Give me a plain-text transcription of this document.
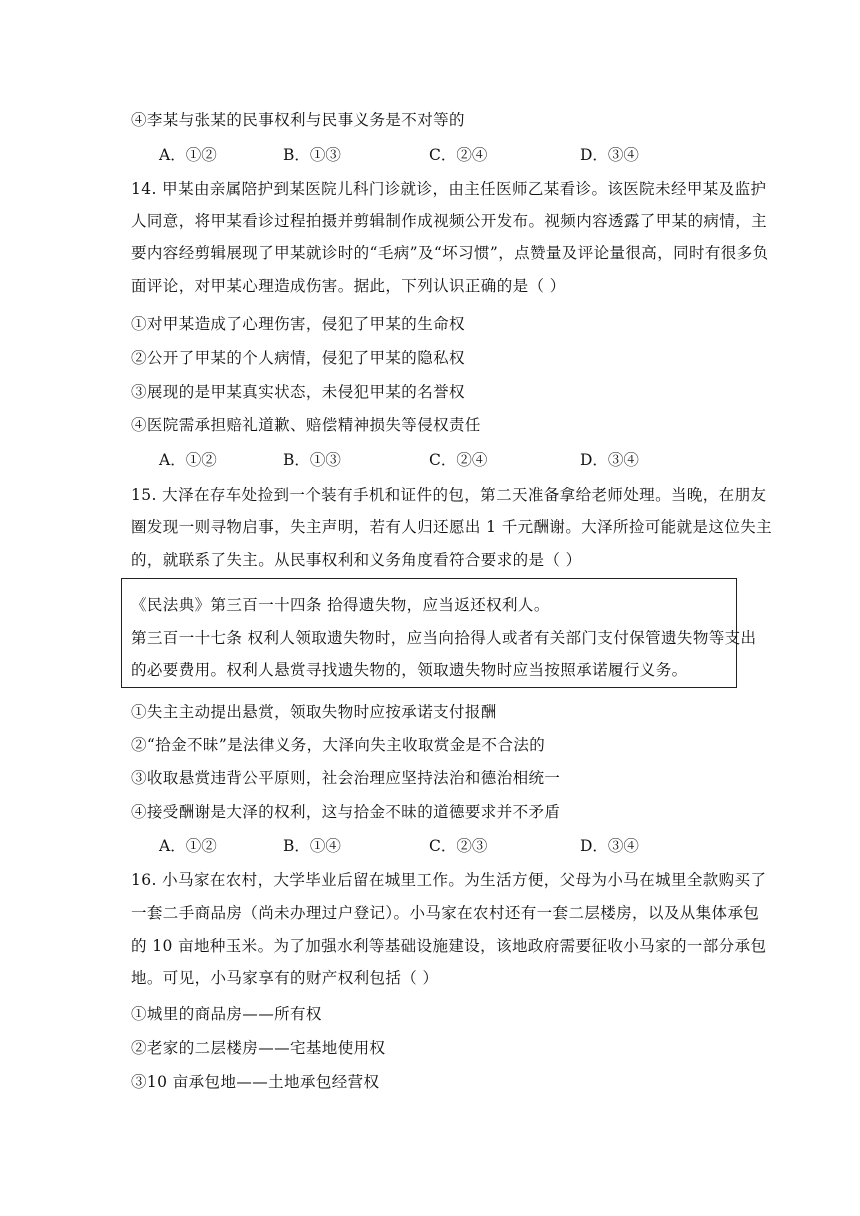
④李某与张某的民事权利与民事义务是不对等的
A．①②	B．①③	C．②④	D．③④
14. 甲某由亲属陪护到某医院儿科门诊就诊，由主任医师乙某看诊。该医院未经甲某及监护
人同意，将甲某看诊过程拍摄并剪辑制作成视频公开发布。视频内容透露了甲某的病情，主
要内容经剪辑展现了甲某就诊时的“毛病”及“坏习惯”，点赞量及评论量很高，同时有很多负
面评论，对甲某心理造成伤害。据此，下列认识正确的是（ ）
①对甲某造成了心理伤害，侵犯了甲某的生命权
②公开了甲某的个人病情，侵犯了甲某的隐私权
③展现的是甲某真实状态，未侵犯甲某的名誉权
④医院需承担赔礼道歉、赔偿精神损失等侵权责任
A．①②	B．①③	C．②④	D．③④
15. 大泽在存车处捡到一个装有手机和证件的包，第二天准备拿给老师处理。当晚，在朋友
圈发现一则寻物启事，失主声明，若有人归还愿出 1 千元酬谢。大泽所捡可能就是这位失主
的，就联系了失主。从民事权利和义务角度看符合要求的是（ ）
《民法典》第三百一十四条 拾得遗失物，应当返还权利人。
第三百一十七条 权利人领取遗失物时，应当向拾得人或者有关部门支付保管遗失物等支出
的必要费用。权利人悬赏寻找遗失物的，领取遗失物时应当按照承诺履行义务。
①失主主动提出悬赏，领取失物时应按承诺支付报酬
②“拾金不昧”是法律义务，大泽向失主收取赏金是不合法的
③收取悬赏违背公平原则，社会治理应坚持法治和德治相统一
④接受酬谢是大泽的权利，这与拾金不昧的道德要求并不矛盾
A．①②	B．①④	C．②③	D．③④
16. 小马家在农村，大学毕业后留在城里工作。为生活方便，父母为小马在城里全款购买了
一套二手商品房（尚未办理过户登记）。小马家在农村还有一套二层楼房，以及从集体承包
的 10 亩地种玉米。为了加强水利等基础设施建设，该地政府需要征收小马家的一部分承包
地。可见，小马家享有的财产权利包括（ ）
①城里的商品房——所有权
②老家的二层楼房——宅基地使用权
③10 亩承包地——土地承包经营权
